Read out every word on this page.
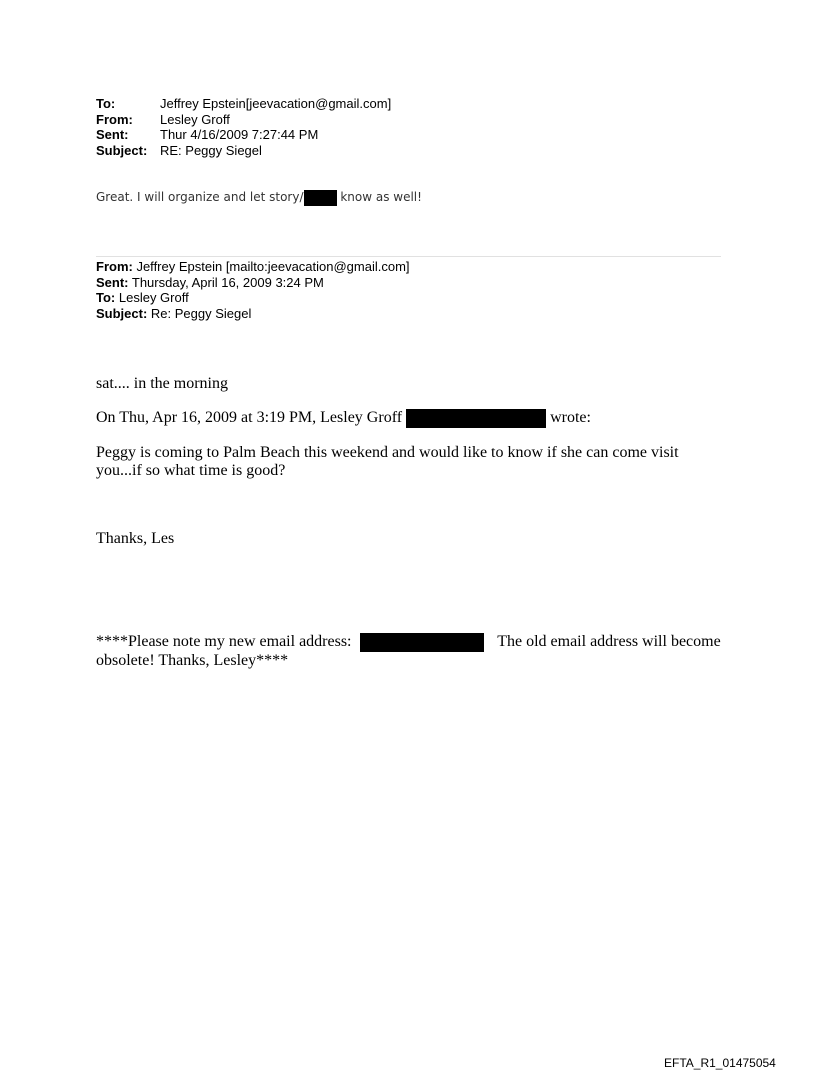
To:	Jeffrey Epstein[jeevacation@gmail.com]
From:	Lesley Groff
Sent:	Thur 4/16/2009 7:27:44 PM
Subject: RE: Peggy Siegel
Great. I will organize and let story/	know as well!
From: Jeffrey Epstein [mailto:jeevacation@gmail.com]
Sent: Thursday, April 16, 2009 3:24 PM
To: Lesley Groff
Subject: Re: Peggy Siegel
sat.... in the morning
On Thu, Apr 16, 2009 at 3:19 PM, Lesley Groff	wrote:
Peggy is coming to Palm Beach this weekend and would like to know if she can come visit
you...if so what time is good?
Thanks, Les
****Please note my new email address:	The old email address will become
obsolete! Thanks, Lesley****
EFTA_R1_01475054
